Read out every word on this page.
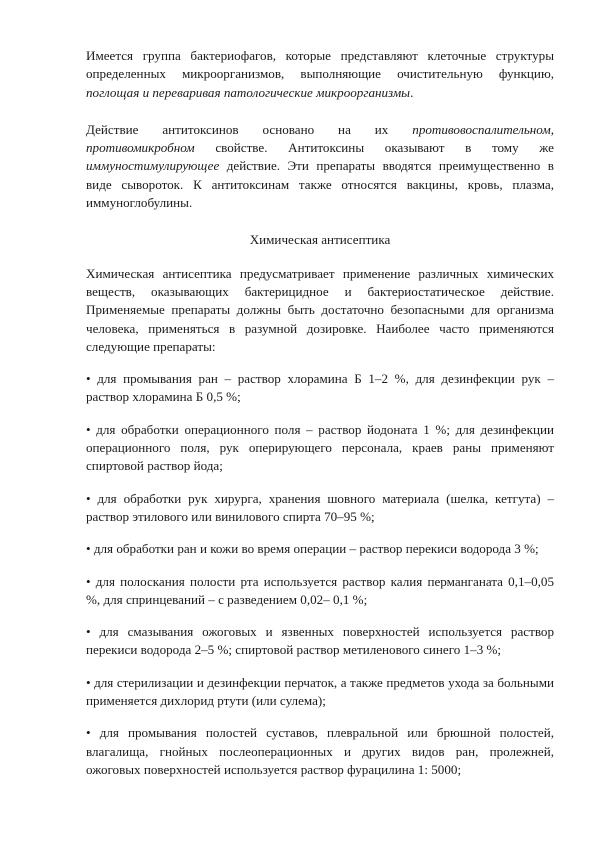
Имеется группа бактериофагов, которые представляют клеточные структуры определенных микроорганизмов, выполняющие очистительную функцию, поглощая и переваривая патологические микроорганизмы.

Действие антитоксинов основано на их противовоспалительном, противомикробном свойстве. Антитоксины оказывают в тому же иммуностимулирующее действие. Эти препараты вводятся преимущественно в виде сывороток. К антитоксинам также относятся вакцины, кровь, плазма, иммуноглобулины.

Химическая антисептика

Химическая антисептика предусматривает применение различных химических веществ, оказывающих бактерицидное и бактериостатическое действие. Применяемые препараты должны быть достаточно безопасными для организма человека, применяться в разумной дозировке. Наиболее часто применяются следующие препараты:

• для промывания ран – раствор хлорамина Б 1–2 %, для дезинфекции рук – раствор хлорамина Б 0,5 %;

• для обработки операционного поля – раствор йодоната 1 %; для дезинфекции операционного поля, рук оперирующего персонала, краев раны применяют спиртовой раствор йода;

• для обработки рук хирурга, хранения шовного материала (шелка, кетгута) – раствор этилового или винилового спирта 70–95 %;

• для обработки ран и кожи во время операции – раствор перекиси водорода 3 %;

• для полоскания полости рта используется раствор калия перманганата 0,1–0,05 %, для спринцеваний – с разведением 0,02– 0,1 %;

• для смазывания ожоговых и язвенных поверхностей используется раствор перекиси водорода 2–5 %; спиртовой раствор метиленового синего 1–3 %;

• для стерилизации и дезинфекции перчаток, а также предметов ухода за больными применяется дихлорид ртути (или сулема);

• для промывания полостей суставов, плевральной или брюшной полостей, влагалища, гнойных послеоперационных и других видов ран, пролежней, ожоговых поверхностей используется раствор фурацилина 1: 5000;
